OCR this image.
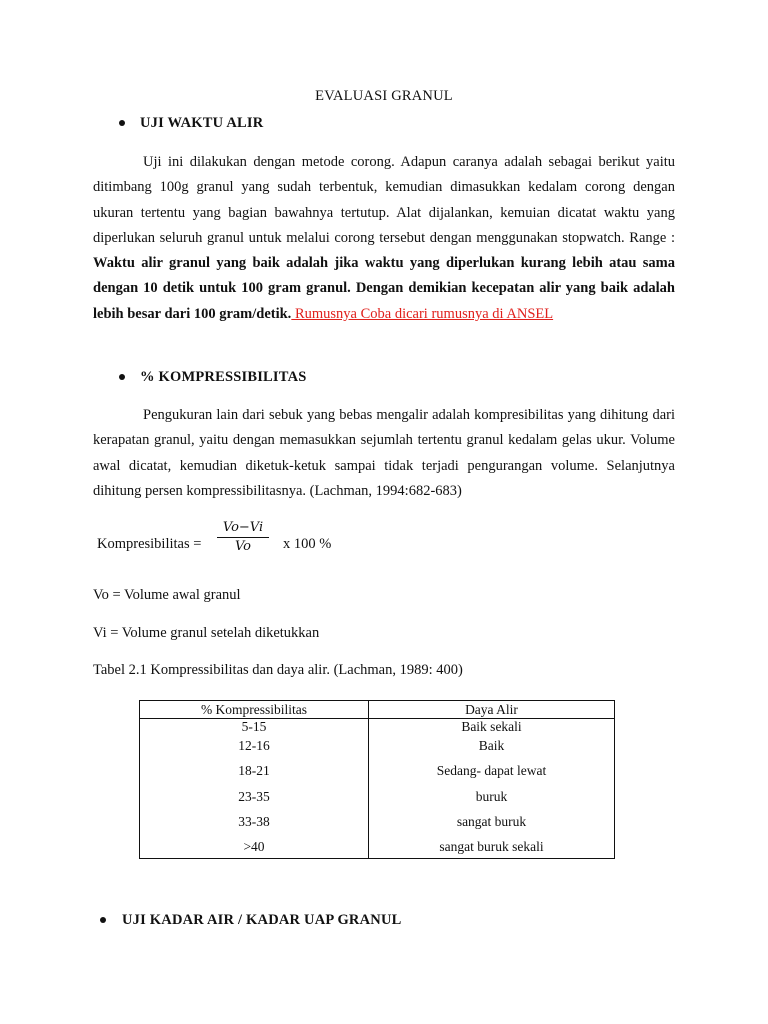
EVALUASI GRANUL
UJI WAKTU ALIR
Uji ini dilakukan dengan metode corong. Adapun caranya adalah sebagai berikut yaitu ditimbang 100g granul yang sudah terbentuk, kemudian dimasukkan kedalam corong dengan ukuran tertentu yang bagian bawahnya tertutup. Alat dijalankan, kemuian dicatat waktu yang diperlukan seluruh granul untuk melalui corong tersebut dengan menggunakan stopwatch. Range : Waktu alir granul yang baik adalah jika waktu yang diperlukan kurang lebih atau sama dengan 10 detik untuk 100 gram granul. Dengan demikian kecepatan alir yang baik adalah lebih besar dari 100 gram/detik. Rumusnya Coba dicari rumusnya di ANSEL
% KOMPRESSIBILITAS
Pengukuran lain dari sebuk yang bebas mengalir adalah kompresibilitas yang dihitung dari kerapatan granul, yaitu dengan memasukkan sejumlah tertentu granul kedalam gelas ukur. Volume awal dicatat, kemudian diketuk-ketuk sampai tidak terjadi pengurangan volume. Selanjutnya dihitung persen kompressibilitasnya. (Lachman, 1994:682-683)
Kompresibilitas = $\frac{Vo-Vi}{Vo}$ x 100 %
Vo = Volume awal granul
Vi = Volume granul setelah diketukkan
Tabel 2.1 Kompressibilitas dan daya alir. (Lachman, 1989: 400)
% Kompressibilitas	Daya Alir
5-15	Baik sekali
12-16	Baik
18-21	Sedang- dapat lewat
23-35	buruk
33-38	sangat buruk
>40	sangat buruk sekali
UJI KADAR AIR / KADAR UAP GRANUL
